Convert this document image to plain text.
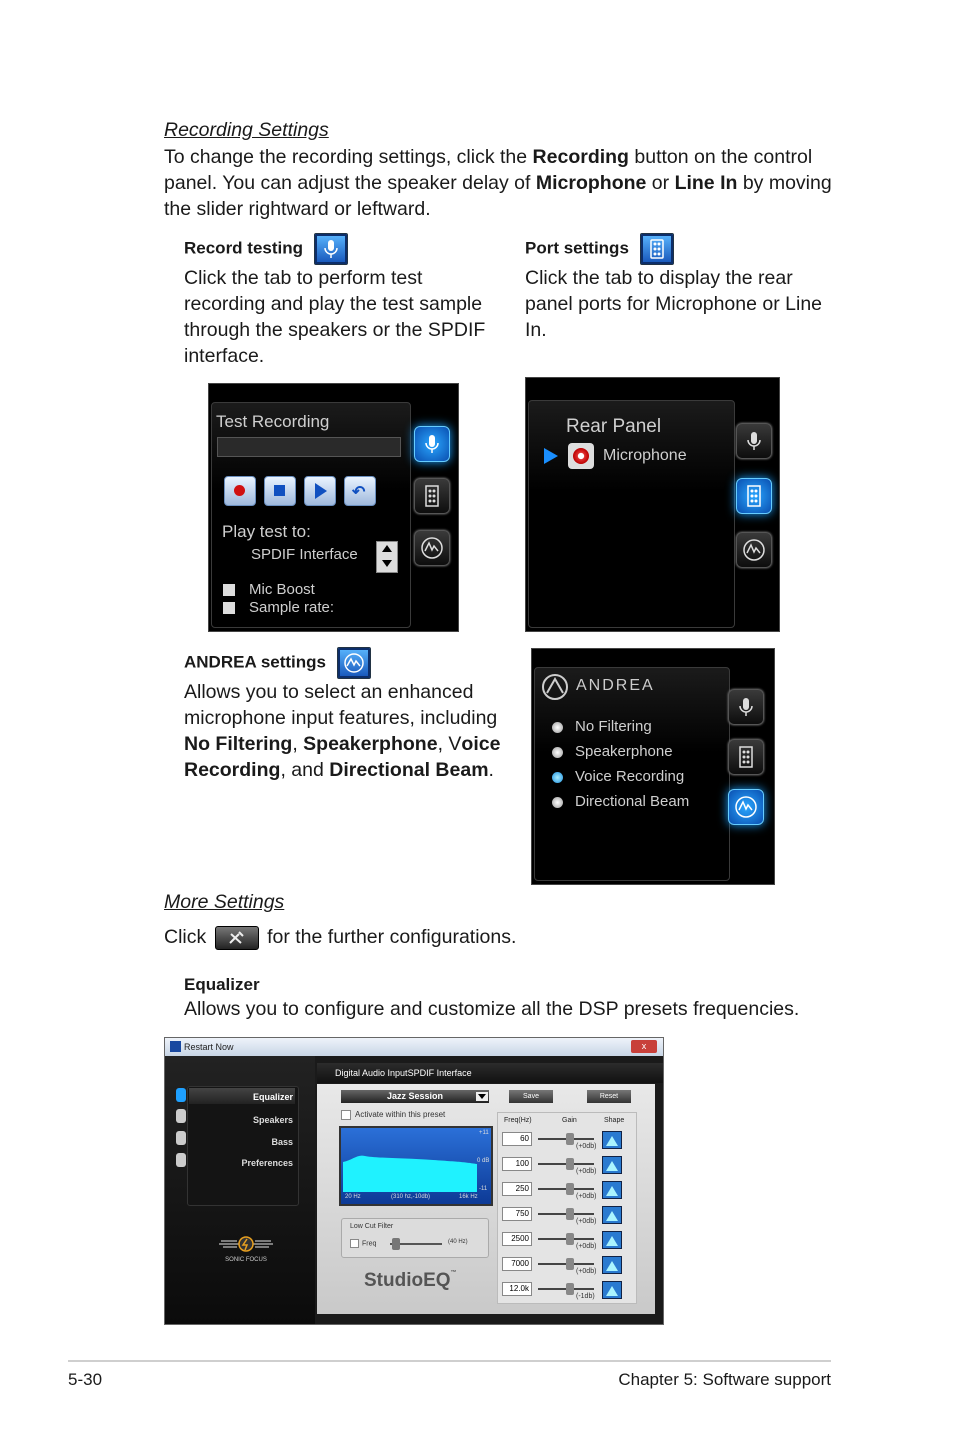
Recording Settings
To change the recording settings, click the Recording button on the control panel. You can adjust the speaker delay of Microphone or Line In by moving the slider rightward or leftward.
Record testing
Click the tab to perform test recording and play the test sample through the speakers or the SPDIF interface.
Port settings
Click the tab to display the rear panel ports for Microphone or Line In.
Test Recording
↶
Play test to:
SPDIF Interface
Mic Boost
Sample rate:
Rear Panel
Microphone
ANDREA settings
Allows you to select an enhanced microphone input features, including No Filtering, Speakerphone, Voice Recording, and Directional Beam.
ANDREA
No Filtering
Speakerphone
Voice Recording
Directional Beam
More Settings
Click	for the further configurations.
Equalizer
Allows you to configure and customize all the DSP presets frequencies.
Restart Now	x
Equalizer
Speakers
Bass
Preferences
SONIC FOCUS
Digital Audio InputSPDIF Interface
Jazz Session	Save	Reset
Activate within this preset
+11
0 dB
-11
20 Hz	(310 hz,-10db)	16k Hz
Low Cut Filter
Freq	(40 Hz)
StudioEQ™
Freq(Hz)	Gain	Shape
60
(+0db)
100
(+0db)
250
(+0db)
750
(+0db)
2500
(+0db)
7000
(+0db)
12.0k
(-1db)
5-30	Chapter 5: Software support
